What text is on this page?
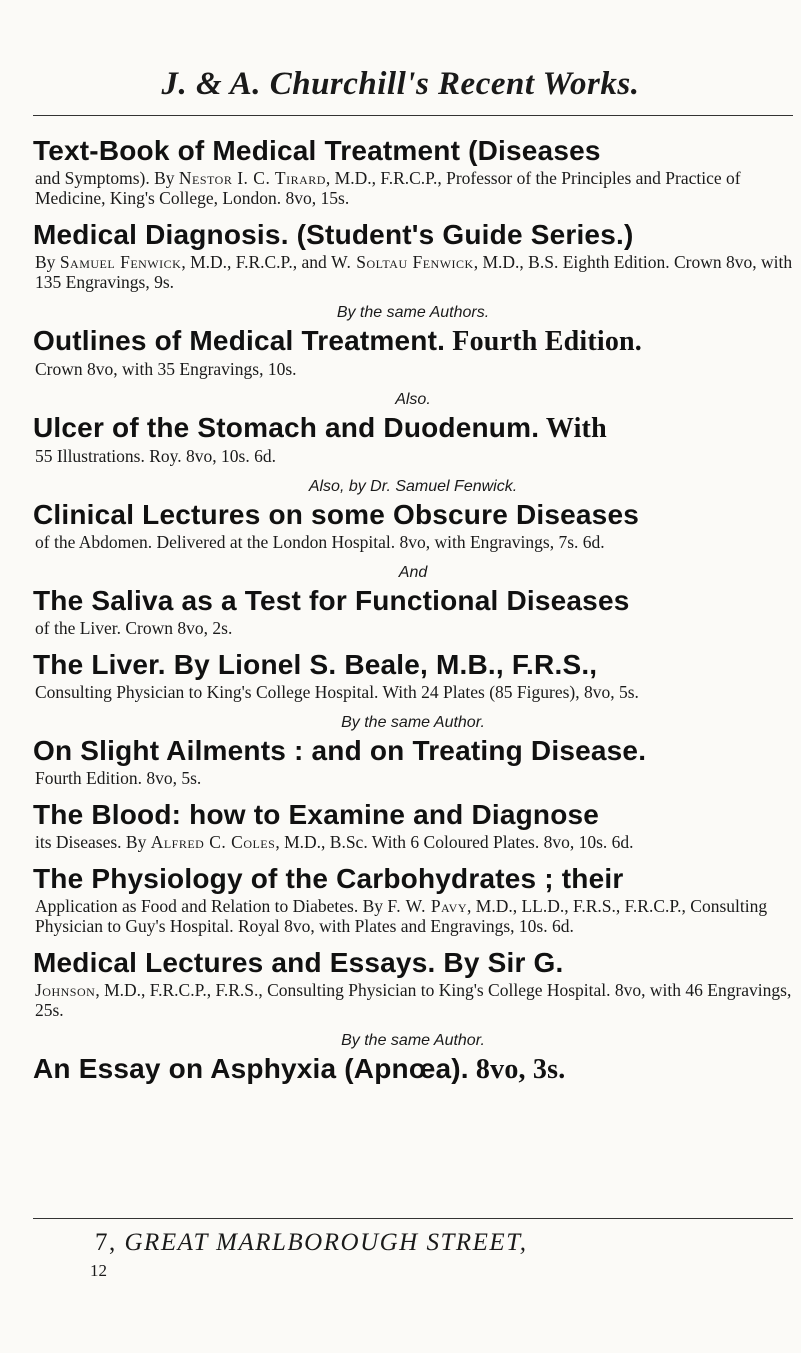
J. & A. Churchill's Recent Works.

Text-Book of Medical Treatment (Diseases

and Symptoms). By Nestor I. C. Tirard, M.D., F.R.C.P., Professor of the Principles and Practice of Medicine, King's College, London. 8vo, 15s.

Medical Diagnosis. (Student's Guide Series.)

By Samuel Fenwick, M.D., F.R.C.P., and W. Soltau Fenwick, M.D., B.S. Eighth Edition. Crown 8vo, with 135 Engravings, 9s.

By the same Authors.

Outlines of Medical Treatment. Fourth Edition.

Crown 8vo, with 35 Engravings, 10s.

Also.

Ulcer of the Stomach and Duodenum. With

55 Illustrations. Roy. 8vo, 10s. 6d.

Also, by Dr. Samuel Fenwick.

Clinical Lectures on some Obscure Diseases

of the Abdomen. Delivered at the London Hospital. 8vo, with Engravings, 7s. 6d.

And

The Saliva as a Test for Functional Diseases

of the Liver. Crown 8vo, 2s.

The Liver. By Lionel S. Beale, M.B., F.R.S.,

Consulting Physician to King's College Hospital. With 24 Plates (85 Figures), 8vo, 5s.

By the same Author.

On Slight Ailments : and on Treating Disease.

Fourth Edition. 8vo, 5s.

The Blood: how to Examine and Diagnose

its Diseases. By Alfred C. Coles, M.D., B.Sc. With 6 Coloured Plates. 8vo, 10s. 6d.

The Physiology of the Carbohydrates ; their

Application as Food and Relation to Diabetes. By F. W. Pavy, M.D., LL.D., F.R.S., F.R.C.P., Consulting Physician to Guy's Hospital. Royal 8vo, with Plates and Engravings, 10s. 6d.

Medical Lectures and Essays. By Sir G.

Johnson, M.D., F.R.C.P., F.R.S., Consulting Physician to King's College Hospital. 8vo, with 46 Engravings, 25s.

By the same Author.

An Essay on Asphyxia (Apnœa). 8vo, 3s.

7, GREAT MARLBOROUGH STREET,
12
